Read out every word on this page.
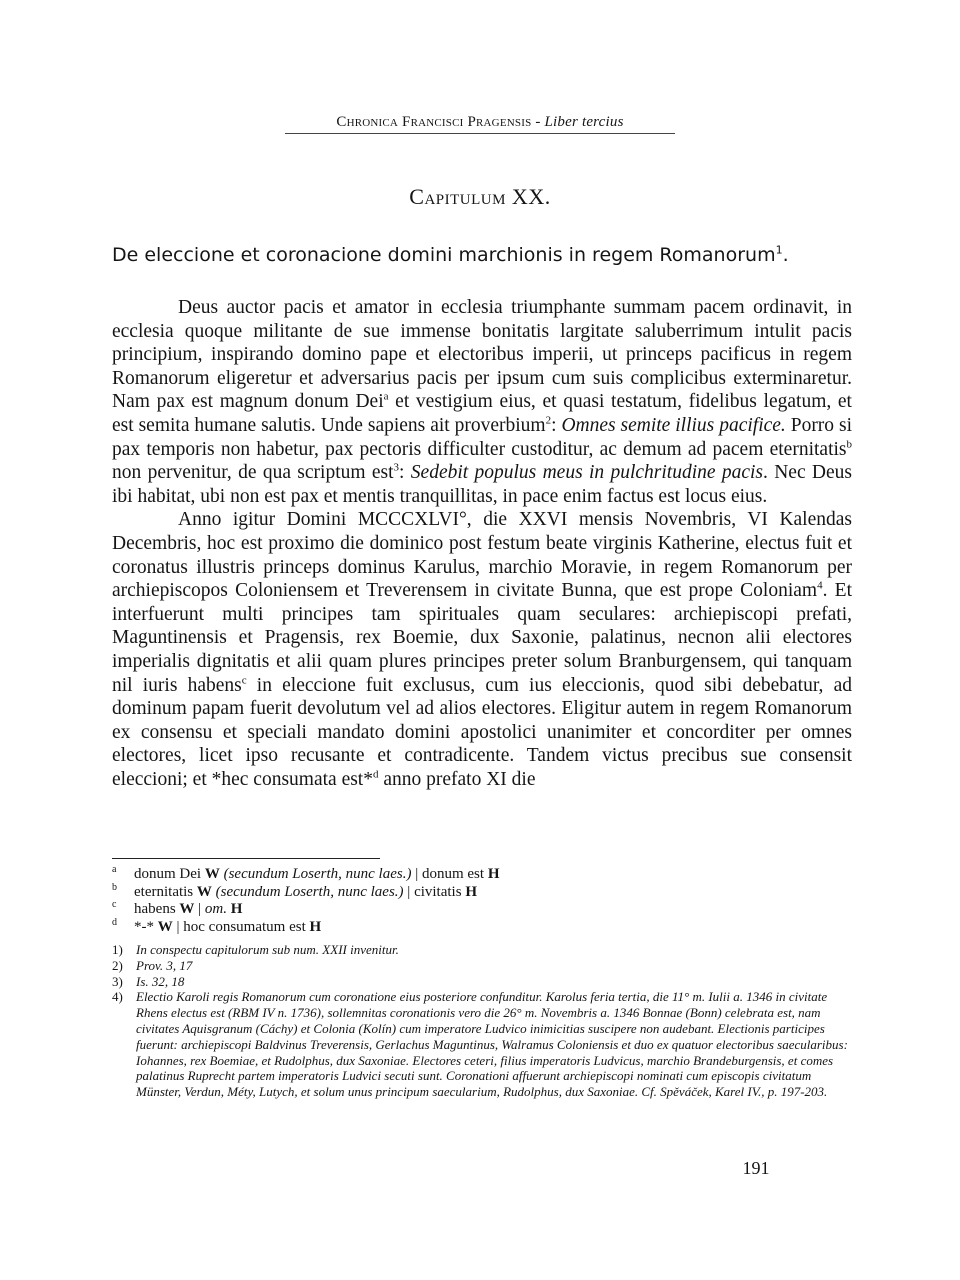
Chronica Francisci Pragensis - Liber tercius
Capitulum XX.
De eleccione et coronacione domini marchionis in regem Romanorum$^1$.

Deus auctor pacis et amator in ecclesia triumphante summam pacem ordinavit, in ecclesia quoque militante de sue immense bonitatis largitate saluberrimum intulit pacis principium, inspirando domino pape et electoribus imperii, ut princeps pacificus in regem Romanorum eligeretur et adversarius pacis per ipsum cum suis complicibus exterminaretur. Nam pax est magnum donum Dei$^a$ et vestigium eius, et quasi testatum, fidelibus legatum, et est semita humane salutis. Unde sapiens ait proverbium$^2$: Omnes semite illius pacifice. Porro si pax temporis non habetur, pax pectoris difficulter custoditur, ac demum ad pacem eternitatis$^b$ non pervenitur, de qua scriptum est$^3$: Sedebit populus meus in pulchritudine pacis. Nec Deus ibi habitat, ubi non est pax et mentis tranquillitas, in pace enim factus est locus eius.

Anno igitur Domini MCCCXLVI°, die XXVI mensis Novembris, VI Kalendas Decembris, hoc est proximo die dominico post festum beate virginis Katherine, electus fuit et coronatus illustris princeps dominus Karulus, marchio Moravie, in regem Romanorum per archiepiscopos Coloniensem et Treverensem in civitate Bunna, que est prope Coloniam$^4$. Et interfuerunt multi principes tam spirituales quam seculares: archiepiscopi prefati, Maguntinensis et Pragensis, rex Boemie, dux Saxonie, palatinus, necnon alii electores imperialis dignitatis et alii quam plures principes preter solum Branburgensem, qui tanquam nil iuris habens$^c$ in eleccione fuit exclusus, cum ius eleccionis, quod sibi debebatur, ad dominum papam fuerit devolutum vel ad alios electores. Eligitur autem in regem Romanorum ex consensu et speciali mandato domini apostolici unanimiter et concorditer per omnes electores, licet ipso recusante et contradicente. Tandem victus precibus sue consensit eleccioni; et *hec consumata est*$^d$ anno prefato XI die

a donum Dei W (secundum Loserth, nunc laes.) | donum est H
b eternitatis W (secundum Loserth, nunc laes.) | civitatis H
c habens W | om. H
d *-* W | hoc consumatum est H
1)	In conspectu capitulorum sub num. XXII invenitur.
2)	Prov. 3, 17
3)	Is. 32, 18
4)	Electio Karoli regis Romanorum cum coronatione eius posteriore confunditur. Karolus feria tertia, die 11° m. Iulii a. 1346 in civitate Rhens electus est (RBM IV n. 1736), sollemnitas coronationis vero die 26° m. Novembris a. 1346 Bonnae (Bonn) celebrata est, nam civitates Aquisgranum (Cáchy) et Colonia (Kolín) cum imperatore Ludvico inimicitias suscipere non audebant. Electionis participes fuerunt: archiepiscopi Baldvinus Treverensis, Gerlachus Maguntinus, Walramus Coloniensis et duo ex quatuor electoribus saecularibus: Iohannes, rex Boemiae, et Rudolphus, dux Saxoniae. Electores ceteri, filius imperatoris Ludvicus, marchio Brandeburgensis, et comes palatinus Ruprecht partem imperatoris Ludvici secuti sunt. Coronationi affuerunt archiepiscopi nominati cum episcopis civitatum Münster, Verdun, Méty, Lutych, et solum unus principum saecularium, Rudolphus, dux Saxoniae. Cf. Spěváček, Karel IV., p. 197-203.
191
